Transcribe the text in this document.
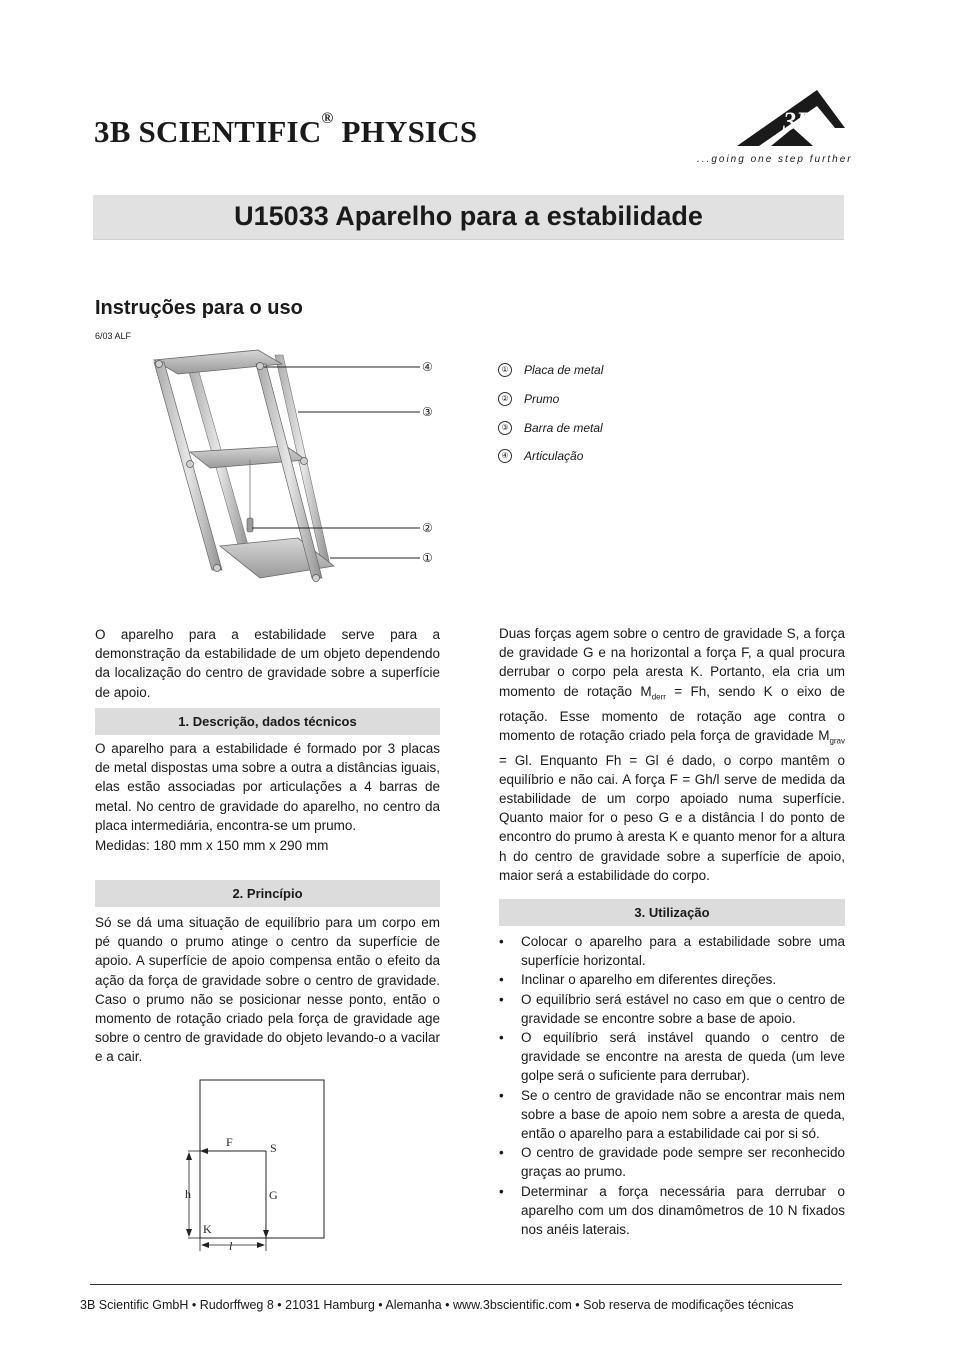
3B SCIENTIFIC® PHYSICS	3B
...going one step further
U15033 Aparelho para a estabilidade
Instruções para o uso
6/03 ALF
④
③
②
①
① Placa de metal
② Prumo
③ Barra de metal
④ Articulação

O aparelho para a estabilidade serve para a demonstração da estabilidade de um objeto dependendo da localização do centro de gravidade sobre a superfície de apoio.

1. Descrição, dados técnicos

O aparelho para a estabilidade é formado por 3 placas de metal dispostas uma sobre a outra a distâncias iguais, elas estão associadas por articulações a 4 barras de metal. No centro de gravidade do aparelho, no centro da placa intermediária, encontra-se um prumo.

Medidas: 180 mm x 150 mm x 290 mm

2. Princípio

Só se dá uma situação de equilíbrio para um corpo em pé quando o prumo atinge o centro da superfície de apoio. A superfície de apoio compensa então o efeito da ação da força de gravidade sobre o centro de gravidade. Caso o prumo não se posicionar nesse ponto, então o momento de rotação criado pela força de gravidade age sobre o centro de gravidade do objeto levando-o a vacilar e a cair.

F	S
h	G
K
l

Duas forças agem sobre o centro de gravidade S, a força de gravidade G e na horizontal a força F, a qual procura derrubar o corpo pela aresta K. Portanto, ela cria um momento de rotação $M_{derr} = Fh$, sendo K o eixo de rotação. Esse momento de rotação age contra o momento de rotação criado pela força de gravidade $M_{grav} = Gl$. Enquanto Fh = Gl é dado, o corpo mantêm o equilíbrio e não cai. A força F = Gh/l serve de medida da estabilidade de um corpo apoiado numa superfície. Quanto maior for o peso G e a distância l do ponto de encontro do prumo à aresta K e quanto menor for a altura h do centro de gravidade sobre a superfície de apoio, maior será a estabilidade do corpo.

3. Utilização
• Colocar o aparelho para a estabilidade sobre uma superfície horizontal.
• Inclinar o aparelho em diferentes direções.
• O equilíbrio será estável no caso em que o centro de gravidade se encontre sobre a base de apoio.
• O equilíbrio será instável quando o centro de gravidade se encontre na aresta de queda (um leve golpe será o suficiente para derrubar).
• Se o centro de gravidade não se encontrar mais nem sobre a base de apoio nem sobre a aresta de queda, então o aparelho para a estabilidade cai por si só.
• O centro de gravidade pode sempre ser reconhecido graças ao prumo.
• Determinar a força necessária para derrubar o aparelho com um dos dinamômetros de 10 N fixados nos anéis laterais.
3B Scientific GmbH • Rudorffweg 8 • 21031 Hamburg • Alemanha • www.3bscientific.com • Sob reserva de modificações técnicas
